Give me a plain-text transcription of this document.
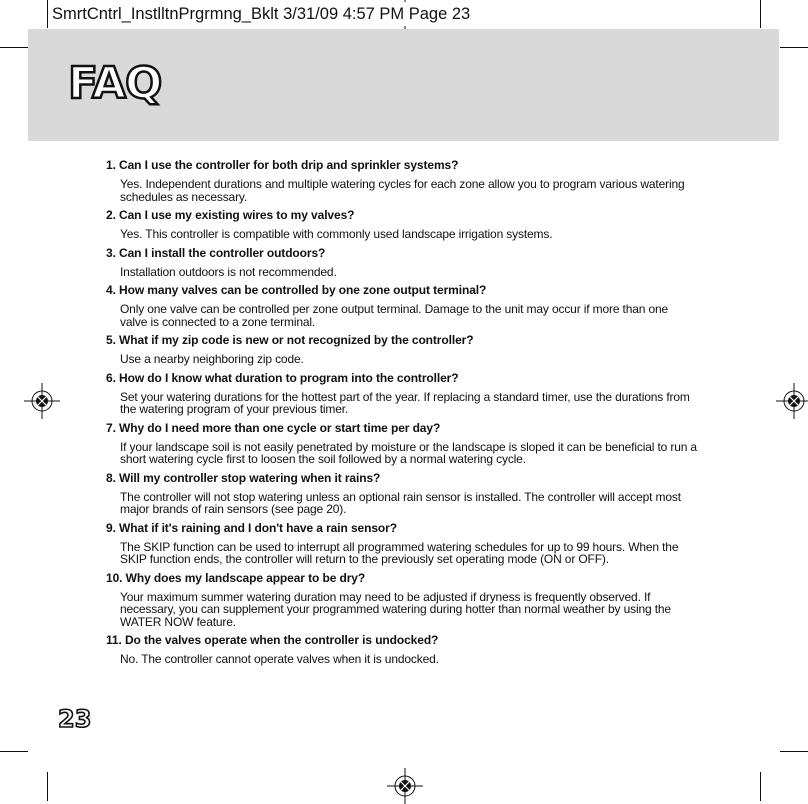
FAQ
SmrtCntrl_InstlltnPrgrmng_Bklt 3/31/09 4:57 PM Page 23
1. Can I use the controller for both drip and sprinkler systems?
Yes. Independent durations and multiple watering cycles for each zone allow you to program various watering schedules as necessary.
2. Can I use my existing wires to my valves?
Yes. This controller is compatible with commonly used landscape irrigation systems.
3. Can I install the controller outdoors?
Installation outdoors is not recommended.
4. How many valves can be controlled by one zone output terminal?
Only one valve can be controlled per zone output terminal. Damage to the unit may occur if more than one valve is connected to a zone terminal.
5. What if my zip code is new or not recognized by the controller?
Use a nearby neighboring zip code.
6. How do I know what duration to program into the controller?
Set your watering durations for the hottest part of the year. If replacing a standard timer, use the durations from the watering program of your previous timer.
7. Why do I need more than one cycle or start time per day?
If your landscape soil is not easily penetrated by moisture or the landscape is sloped it can be beneficial to run a short watering cycle first to loosen the soil followed by a normal watering cycle.
8. Will my controller stop watering when it rains?
The controller will not stop watering unless an optional rain sensor is installed. The controller will accept most major brands of rain sensors (see page 20).
9. What if it's raining and I don't have a rain sensor?
The SKIP function can be used to interrupt all programmed watering schedules for up to 99 hours. When the SKIP function ends, the controller will return to the previously set operating mode (ON or OFF).
10. Why does my landscape appear to be dry?
Your maximum summer watering duration may need to be adjusted if dryness is frequently observed. If necessary, you can supplement your programmed watering during hotter than normal weather by using the WATER NOW feature.
11. Do the valves operate when the controller is undocked?
No. The controller cannot operate valves when it is undocked.
23
